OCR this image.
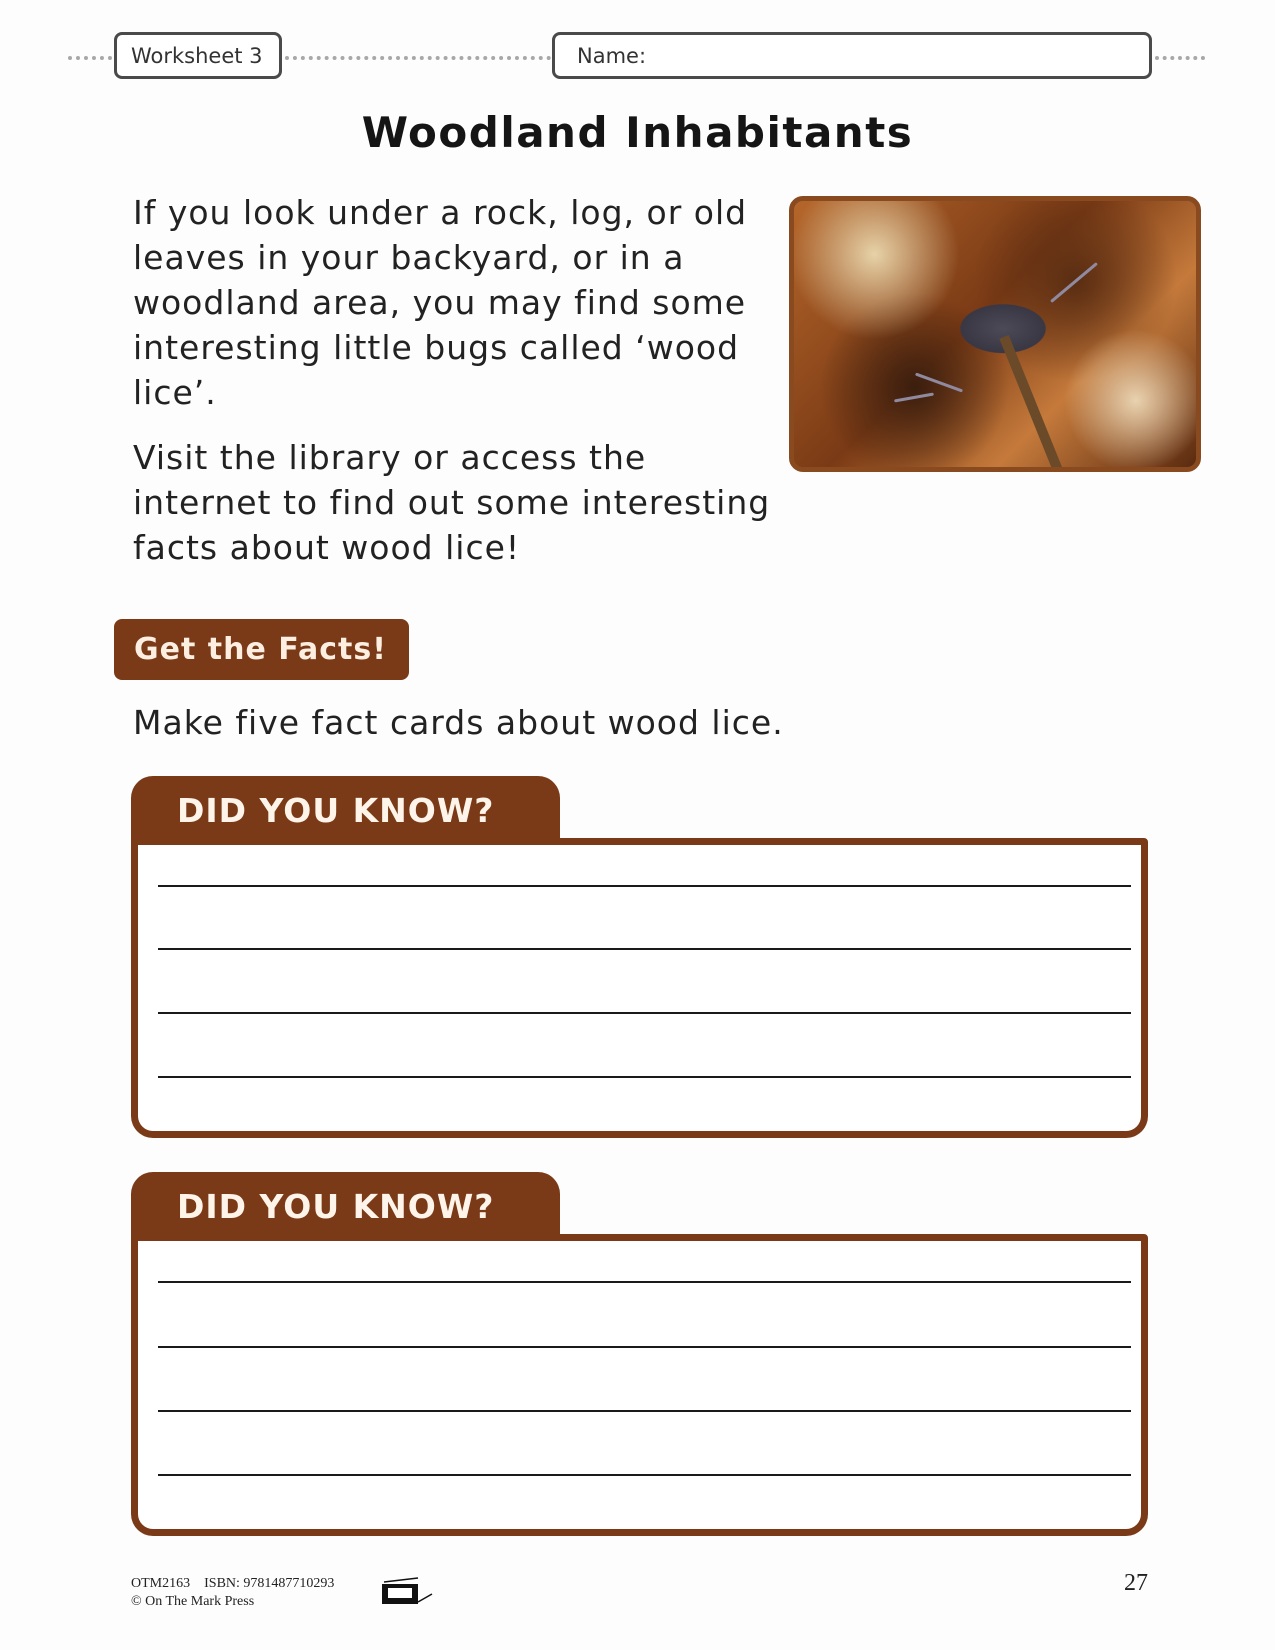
Worksheet 3	Name:
Woodland Inhabitants
If you look under a rock, log, or old leaves in your backyard, or in a woodland area, you may find some interesting little bugs called ‘wood lice’.
Visit the library or access the internet to find out some interesting facts about wood lice!
Get the Facts!
Make five fact cards about wood lice.
DID YOU KNOW?
DID YOU KNOW?
OTM2163 ISBN: 9781487710293
© On The Mark Press
27
